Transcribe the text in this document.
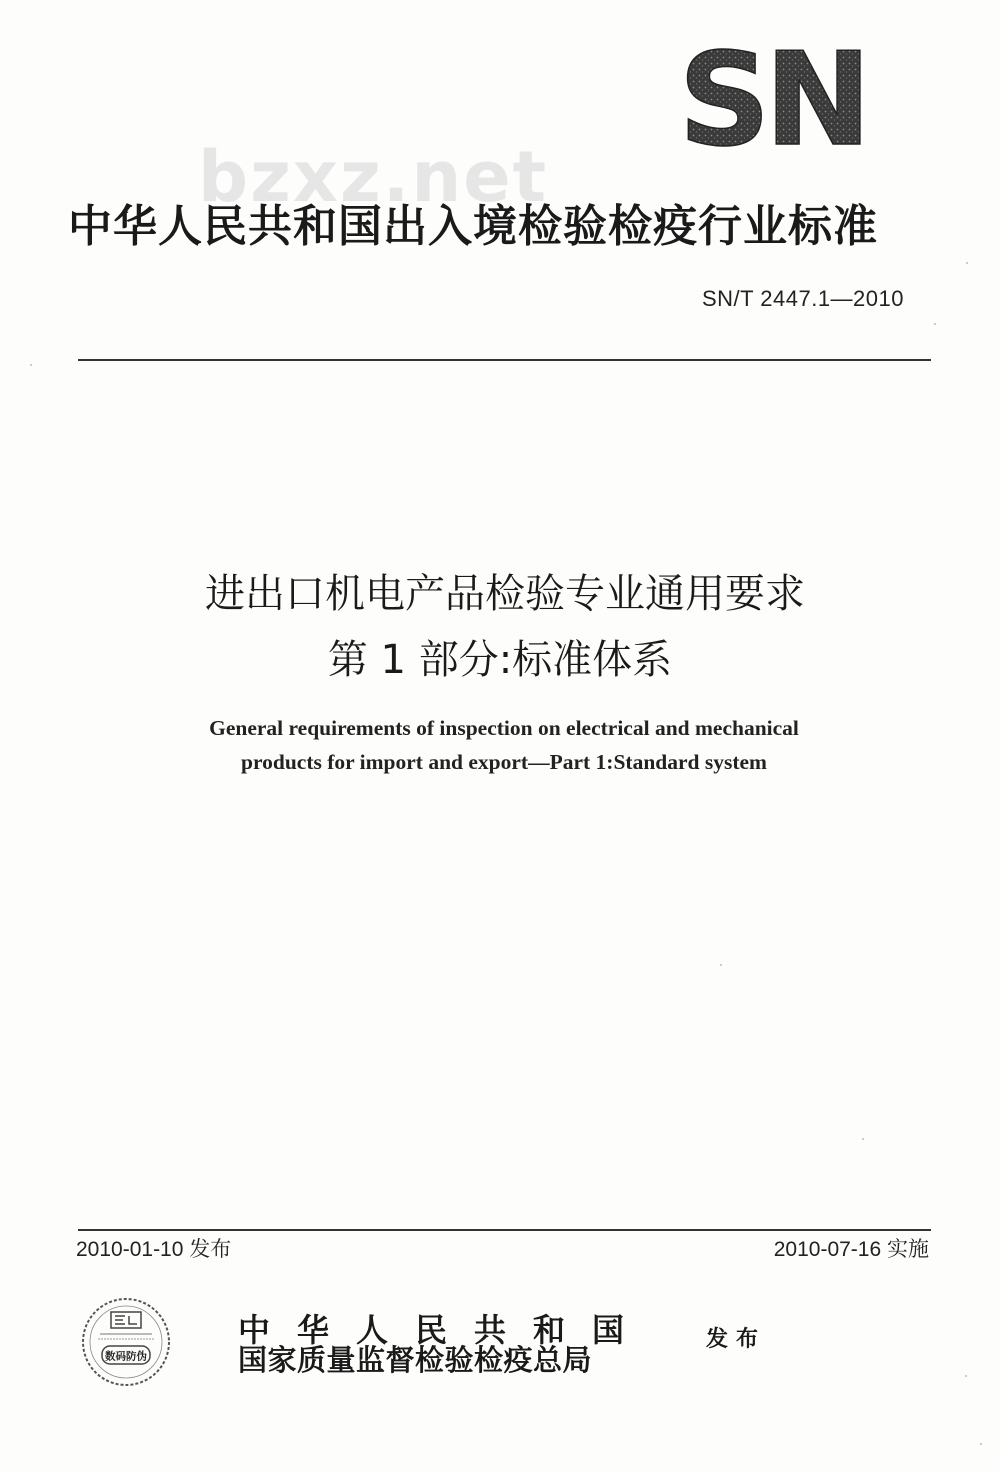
SN
bzxz.net
中华人民共和国出入境检验检疫行业标准
SN/T 2447.1—2010
进出口机电产品检验专业通用要求
第 1 部分:标准体系
General requirements of inspection on electrical and mechanical
products for import and export—Part 1:Standard system
2010-01-10 发布	2010-07-16 实施
数码防伪
中华人民共和国
国家质量监督检验检疫总局
发布
